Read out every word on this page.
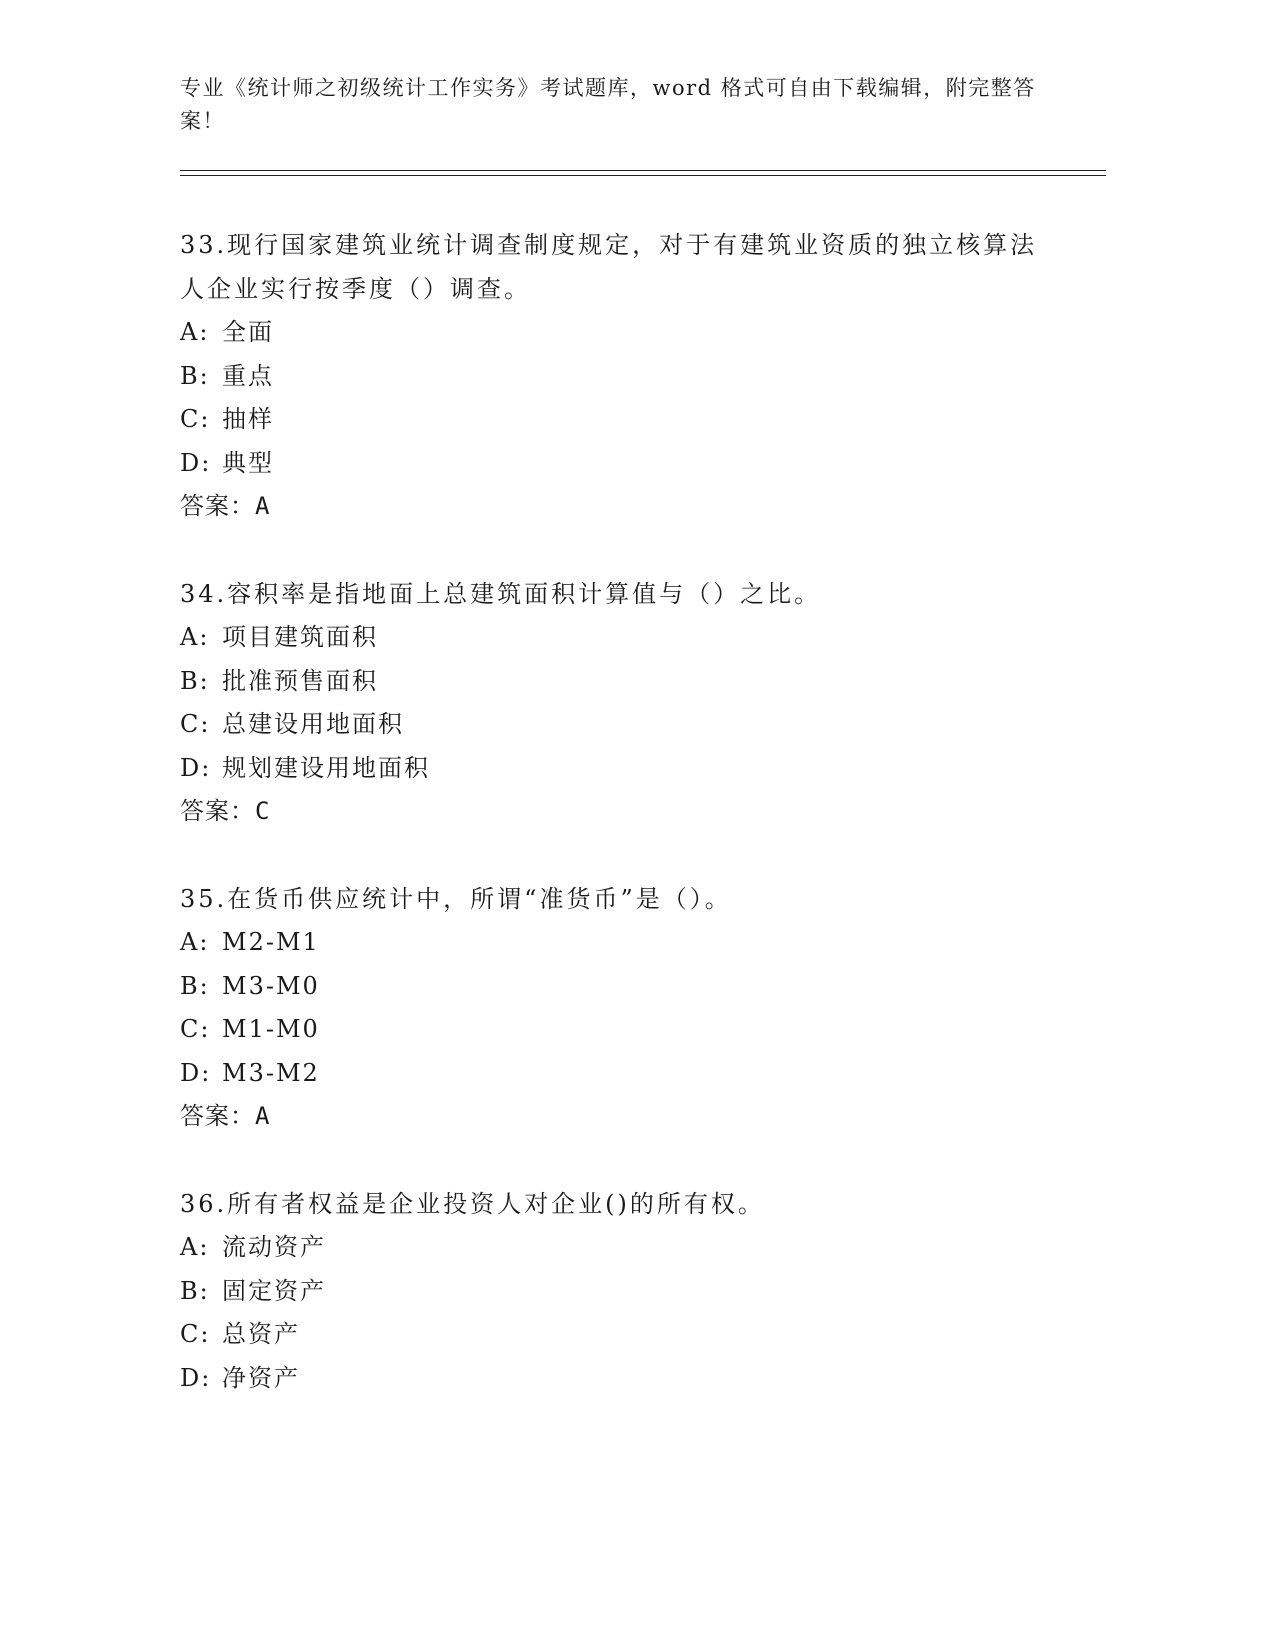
专业《统计师之初级统计工作实务》考试题库，word 格式可自由下载编辑，附完整答案！
33.现行国家建筑业统计调查制度规定，对于有建筑业资质的独立核算法人企业实行按季度（）调查。
A: 全面
B: 重点
C: 抽样
D: 典型
答案：A
34.容积率是指地面上总建筑面积计算值与（）之比。
A: 项目建筑面积
B: 批准预售面积
C: 总建设用地面积
D: 规划建设用地面积
答案：C
35.在货币供应统计中，所谓“准货币”是（）。
A: M2-M1
B: M3-M0
C: M1-M0
D: M3-M2
答案：A
36.所有者权益是企业投资人对企业()的所有权。
A: 流动资产
B: 固定资产
C: 总资产
D: 净资产
